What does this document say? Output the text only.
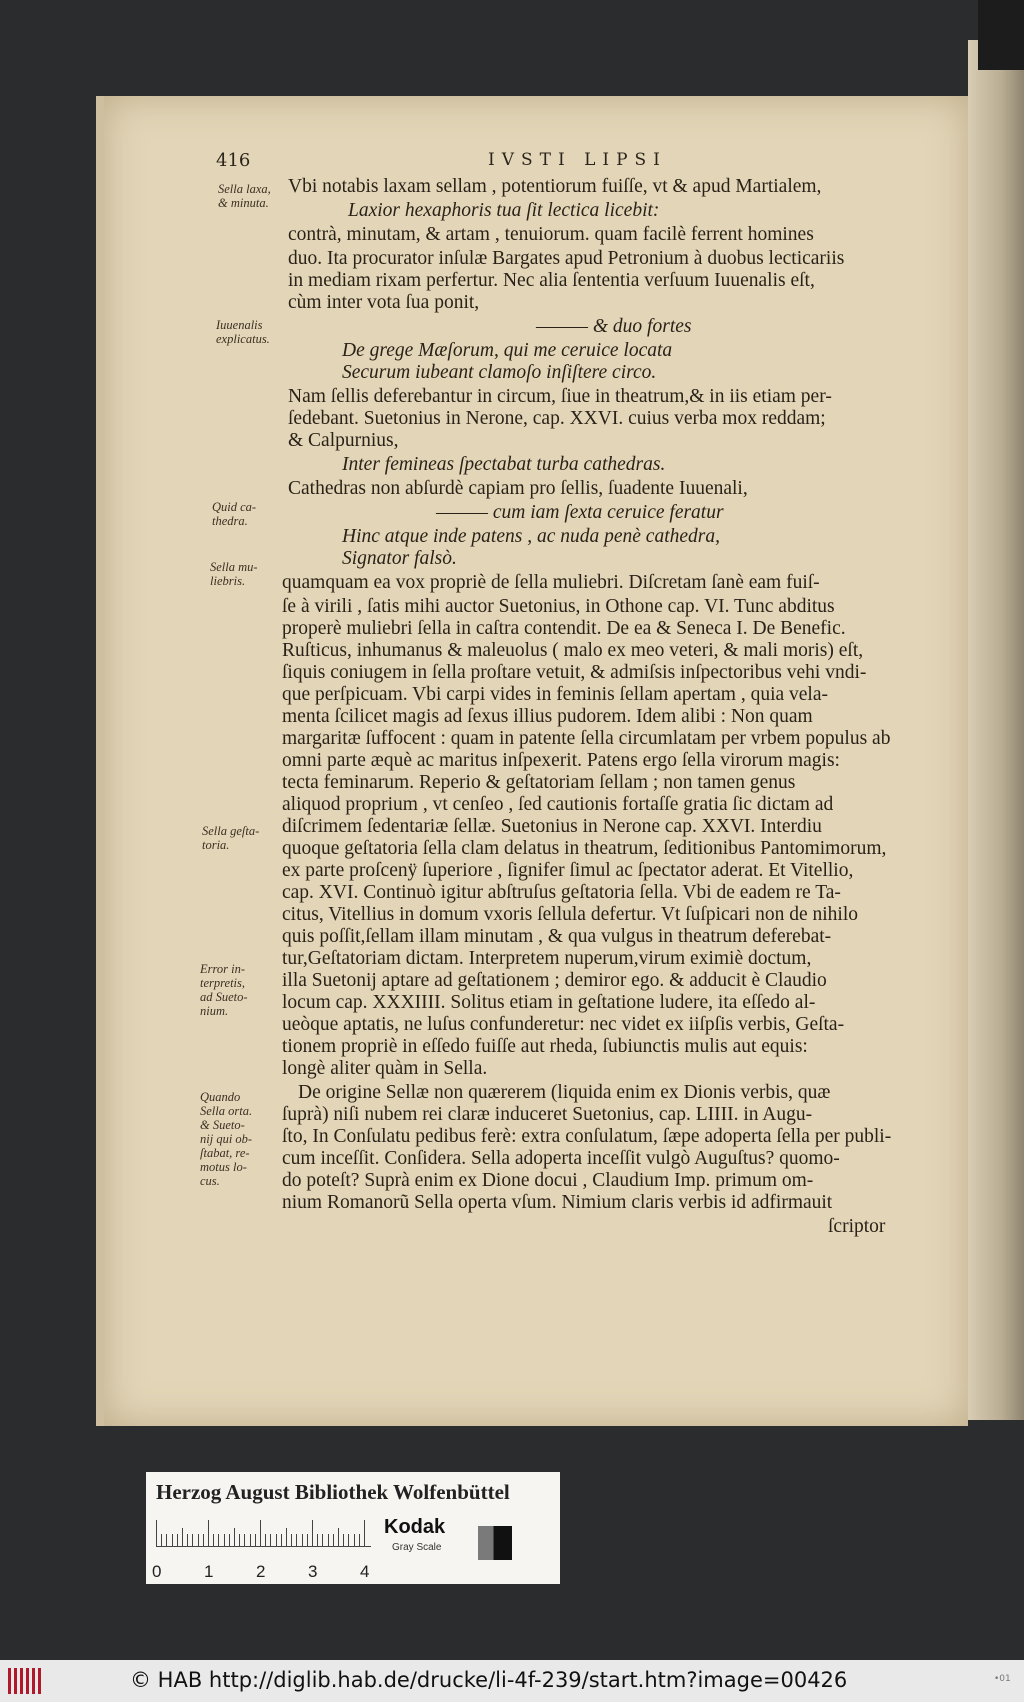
416	IVSTI LIPSI
Vbi notabis laxam sellam , potentiorum fuiſſe, vt & apud Martialem,
Laxior hexaphoris tua ſit lectica licebit:
contrà, minutam, & artam , tenuiorum. quam facilè ferrent homines
duo. Ita procurator inſulæ Bargates apud Petronium à duobus lecticariis
in mediam rixam perfertur. Nec alia ſententia verſuum Iuuenalis eſt,
cùm inter vota ſua ponit,
——— & duo fortes
De grege Mæſorum, qui me ceruice locata
Securum iubeant clamoſo inſiſtere circo.
Nam ſellis deferebantur in circum, ſiue in theatrum,& in iis etiam per-
ſedebant. Suetonius in Nerone, cap. XXVI. cuius verba mox reddam;
& Calpurnius,
Inter femineas ſpectabat turba cathedras.
Cathedras non abſurdè capiam pro ſellis, ſuadente Iuuenali,
——— cum iam ſexta ceruice feratur
Hinc atque inde patens , ac nuda penè cathedra,
Signator falsò.
quamquam ea vox propriè de ſella muliebri. Diſcretam ſanè eam fuiſ-
ſe à virili , ſatis mihi auctor Suetonius, in Othone cap. VI. Tunc abditus
properè muliebri ſella in caſtra contendit. De ea & Seneca I. De Benefic.
Ruſticus, inhumanus & maleuolus ( malo ex meo veteri, & mali moris) eſt,
ſiquis coniugem in ſella proſtare vetuit, & admiſsis inſpectoribus vehi vndi-
que perſpicuam. Vbi carpi vides in feminis ſellam apertam , quia vela-
menta ſcilicet magis ad ſexus illius pudorem. Idem alibi : Non quam
margaritæ ſuffocent : quam in patente ſella circumlatam per vrbem populus ab
omni parte æquè ac maritus inſpexerit. Patens ergo ſella virorum magis:
tecta feminarum. Reperio & geſtatoriam ſellam ; non tamen genus
aliquod proprium , vt cenſeo , ſed cautionis fortaſſe gratia ſic dictam ad
diſcrimem ſedentariæ ſellæ. Suetonius in Nerone cap. XXVI. Interdiu
quoque geſtatoria ſella clam delatus in theatrum, ſeditionibus Pantomimorum,
ex parte proſcenÿ ſuperiore , ſignifer ſimul ac ſpectator aderat. Et Vitellio,
cap. XVI. Continuò igitur abſtruſus geſtatoria ſella. Vbi de eadem re Ta-
citus, Vitellius in domum vxoris ſellula defertur. Vt ſuſpicari non de nihilo
quis poſſit,ſellam illam minutam , & qua vulgus in theatrum deferebat-
tur,Geſtatoriam dictam. Interpretem nuperum,virum eximiè doctum,
illa Suetonij aptare ad geſtationem ; demiror ego. & adducit è Claudio
locum cap. XXXIIII. Solitus etiam in geſtatione ludere, ita eſſedo al-
ueòque aptatis, ne luſus confunderetur: nec videt ex iiſpſis verbis, Geſta-
tionem propriè in eſſedo fuiſſe aut rheda, ſubiunctis mulis aut equis:
longè aliter quàm in Sella.
De origine Sellæ non quærerem (liquida enim ex Dionis verbis, quæ
ſuprà) niſi nubem rei claræ induceret Suetonius, cap. LIIII. in Augu-
ſto, In Conſulatu pedibus ferè: extra conſulatum, ſæpe adoperta ſella per publi-
cum inceſſit. Conſidera. Sella adoperta inceſſit vulgò Auguſtus? quomo-
do poteſt? Suprà enim ex Dione docui , Claudium Imp. primum om-
nium Romanorũ Sella operta vſum. Nimium claris verbis id adfirmauit
ſcriptor
Sella laxa,
& minuta.
Iuuenalis
explicatus.
Quid ca-
thedra.
Sella mu-
liebris.
Sella geſta-
toria.
Error in-
terpretis,
ad Sueto-
nium.
Quando
Sella orta.
& Sueto-
nij qui ob-
ſtabat, re-
motus lo-
cus.
Herzog August Bibliothek Wolfenbüttel
0	1	2	3	4
Kodak
Gray Scale
© HAB http://diglib.hab.de/drucke/li-4f-239/start.htm?image=00426	•01
